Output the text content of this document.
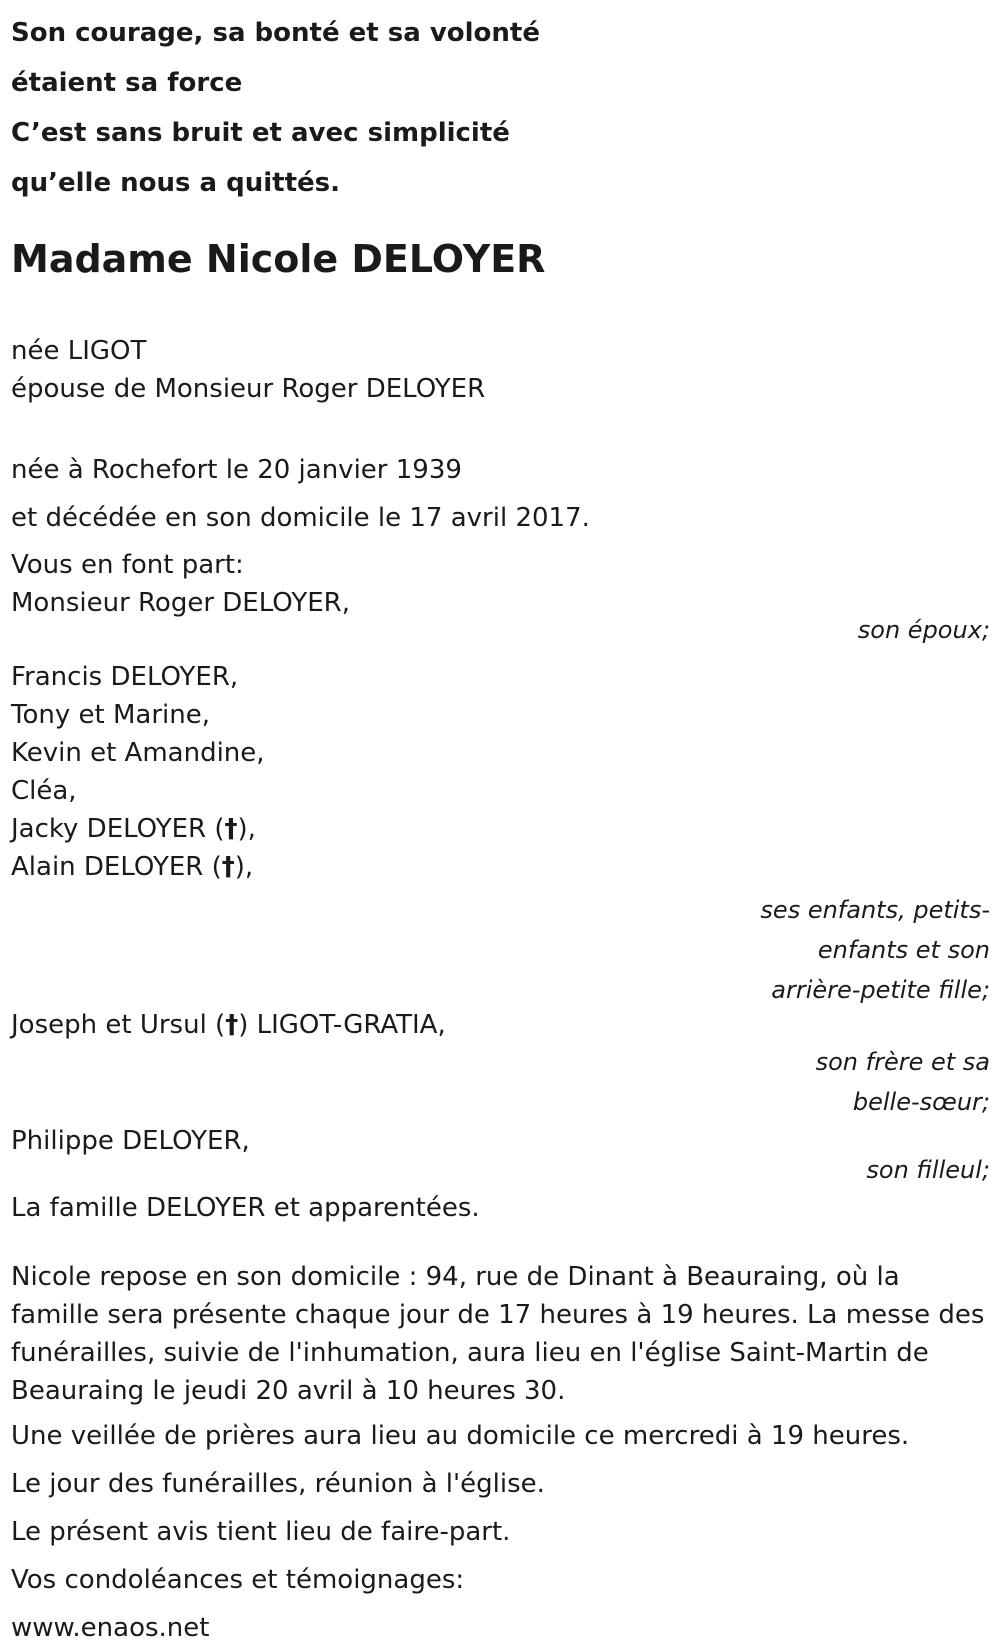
Son courage, sa bonté et sa volonté
étaient sa force
C’est sans bruit et avec simplicité
qu’elle nous a quittés.
Madame Nicole DELOYER
née LIGOT
épouse de Monsieur Roger DELOYER
née à Rochefort le 20 janvier 1939
et décédée en son domicile le 17 avril 2017.
Vous en font part:
Monsieur Roger DELOYER,
son époux;
Francis DELOYER,
Tony et Marine,
Kevin et Amandine,
Cléa,
Jacky DELOYER (†),
Alain DELOYER (†),
ses enfants, petits-enfants et son arrière-petite fille;
Joseph et Ursul (†) LIGOT-GRATIA,
son frère et sa belle-sœur;
Philippe DELOYER,
son filleul;
La famille DELOYER et apparentées.
Nicole repose en son domicile : 94, rue de Dinant à Beauraing, où la famille sera présente chaque jour de 17 heures à 19 heures. La messe des funérailles, suivie de l'inhumation, aura lieu en l'église Saint-Martin de Beauraing le jeudi 20 avril à 10 heures 30.
Une veillée de prières aura lieu au domicile ce mercredi à 19 heures.
Le jour des funérailles, réunion à l'église.
Le présent avis tient lieu de faire-part.
Vos condoléances et témoignages:
www.enaos.net
